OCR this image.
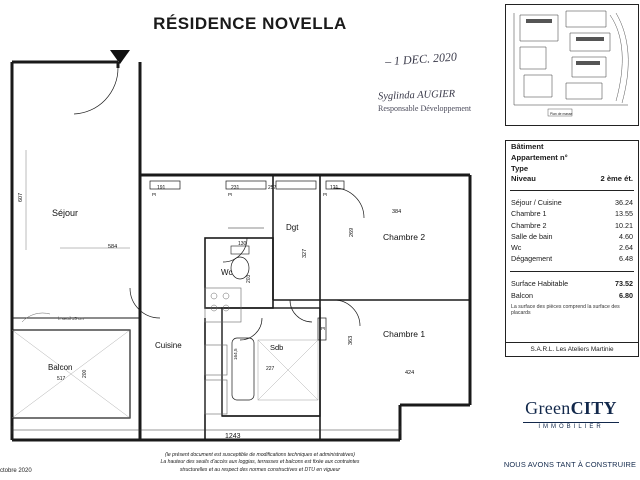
RÉSIDENCE NOVELLA
– 1 DEC. 2020
Syglinda AUGIER
Responsable Développement
Séjour
Cuisine
Balcon
Dgt
Wc
Sdb
Chambre 1
Chambre 2
584
607
517
200
384
269
424
363
327
130
203
227
164,5
191	231	257	121
PI	PI	PI
PI
1243
h seuil ±5 cm
Plan de masse
Bâtiment
Appartement n°
Type
Niveau	2 ème ét.
Séjour / Cuisine	36.24
Chambre 1	13.55
Chambre 2	10.21
Salle de bain	4.60
Wc	2.64
Dégagement	6.48
Surface Habitable	73.52
Balcon	6.80
La surface des pièces comprend la surface des placards
S.A.R.L. Les Ateliers Martinie
GreenCITY
IMMOBILIER
NOUS AVONS TANT À CONSTRUIRE
(le présent document est susceptible de modifications techniques et administratives)
La hauteur des seuils d'accès aux loggias, terrasses et balcons est fixée aux contraintes
structurelles et au respect des normes constructives et DTU en vigueur
ctobre 2020
